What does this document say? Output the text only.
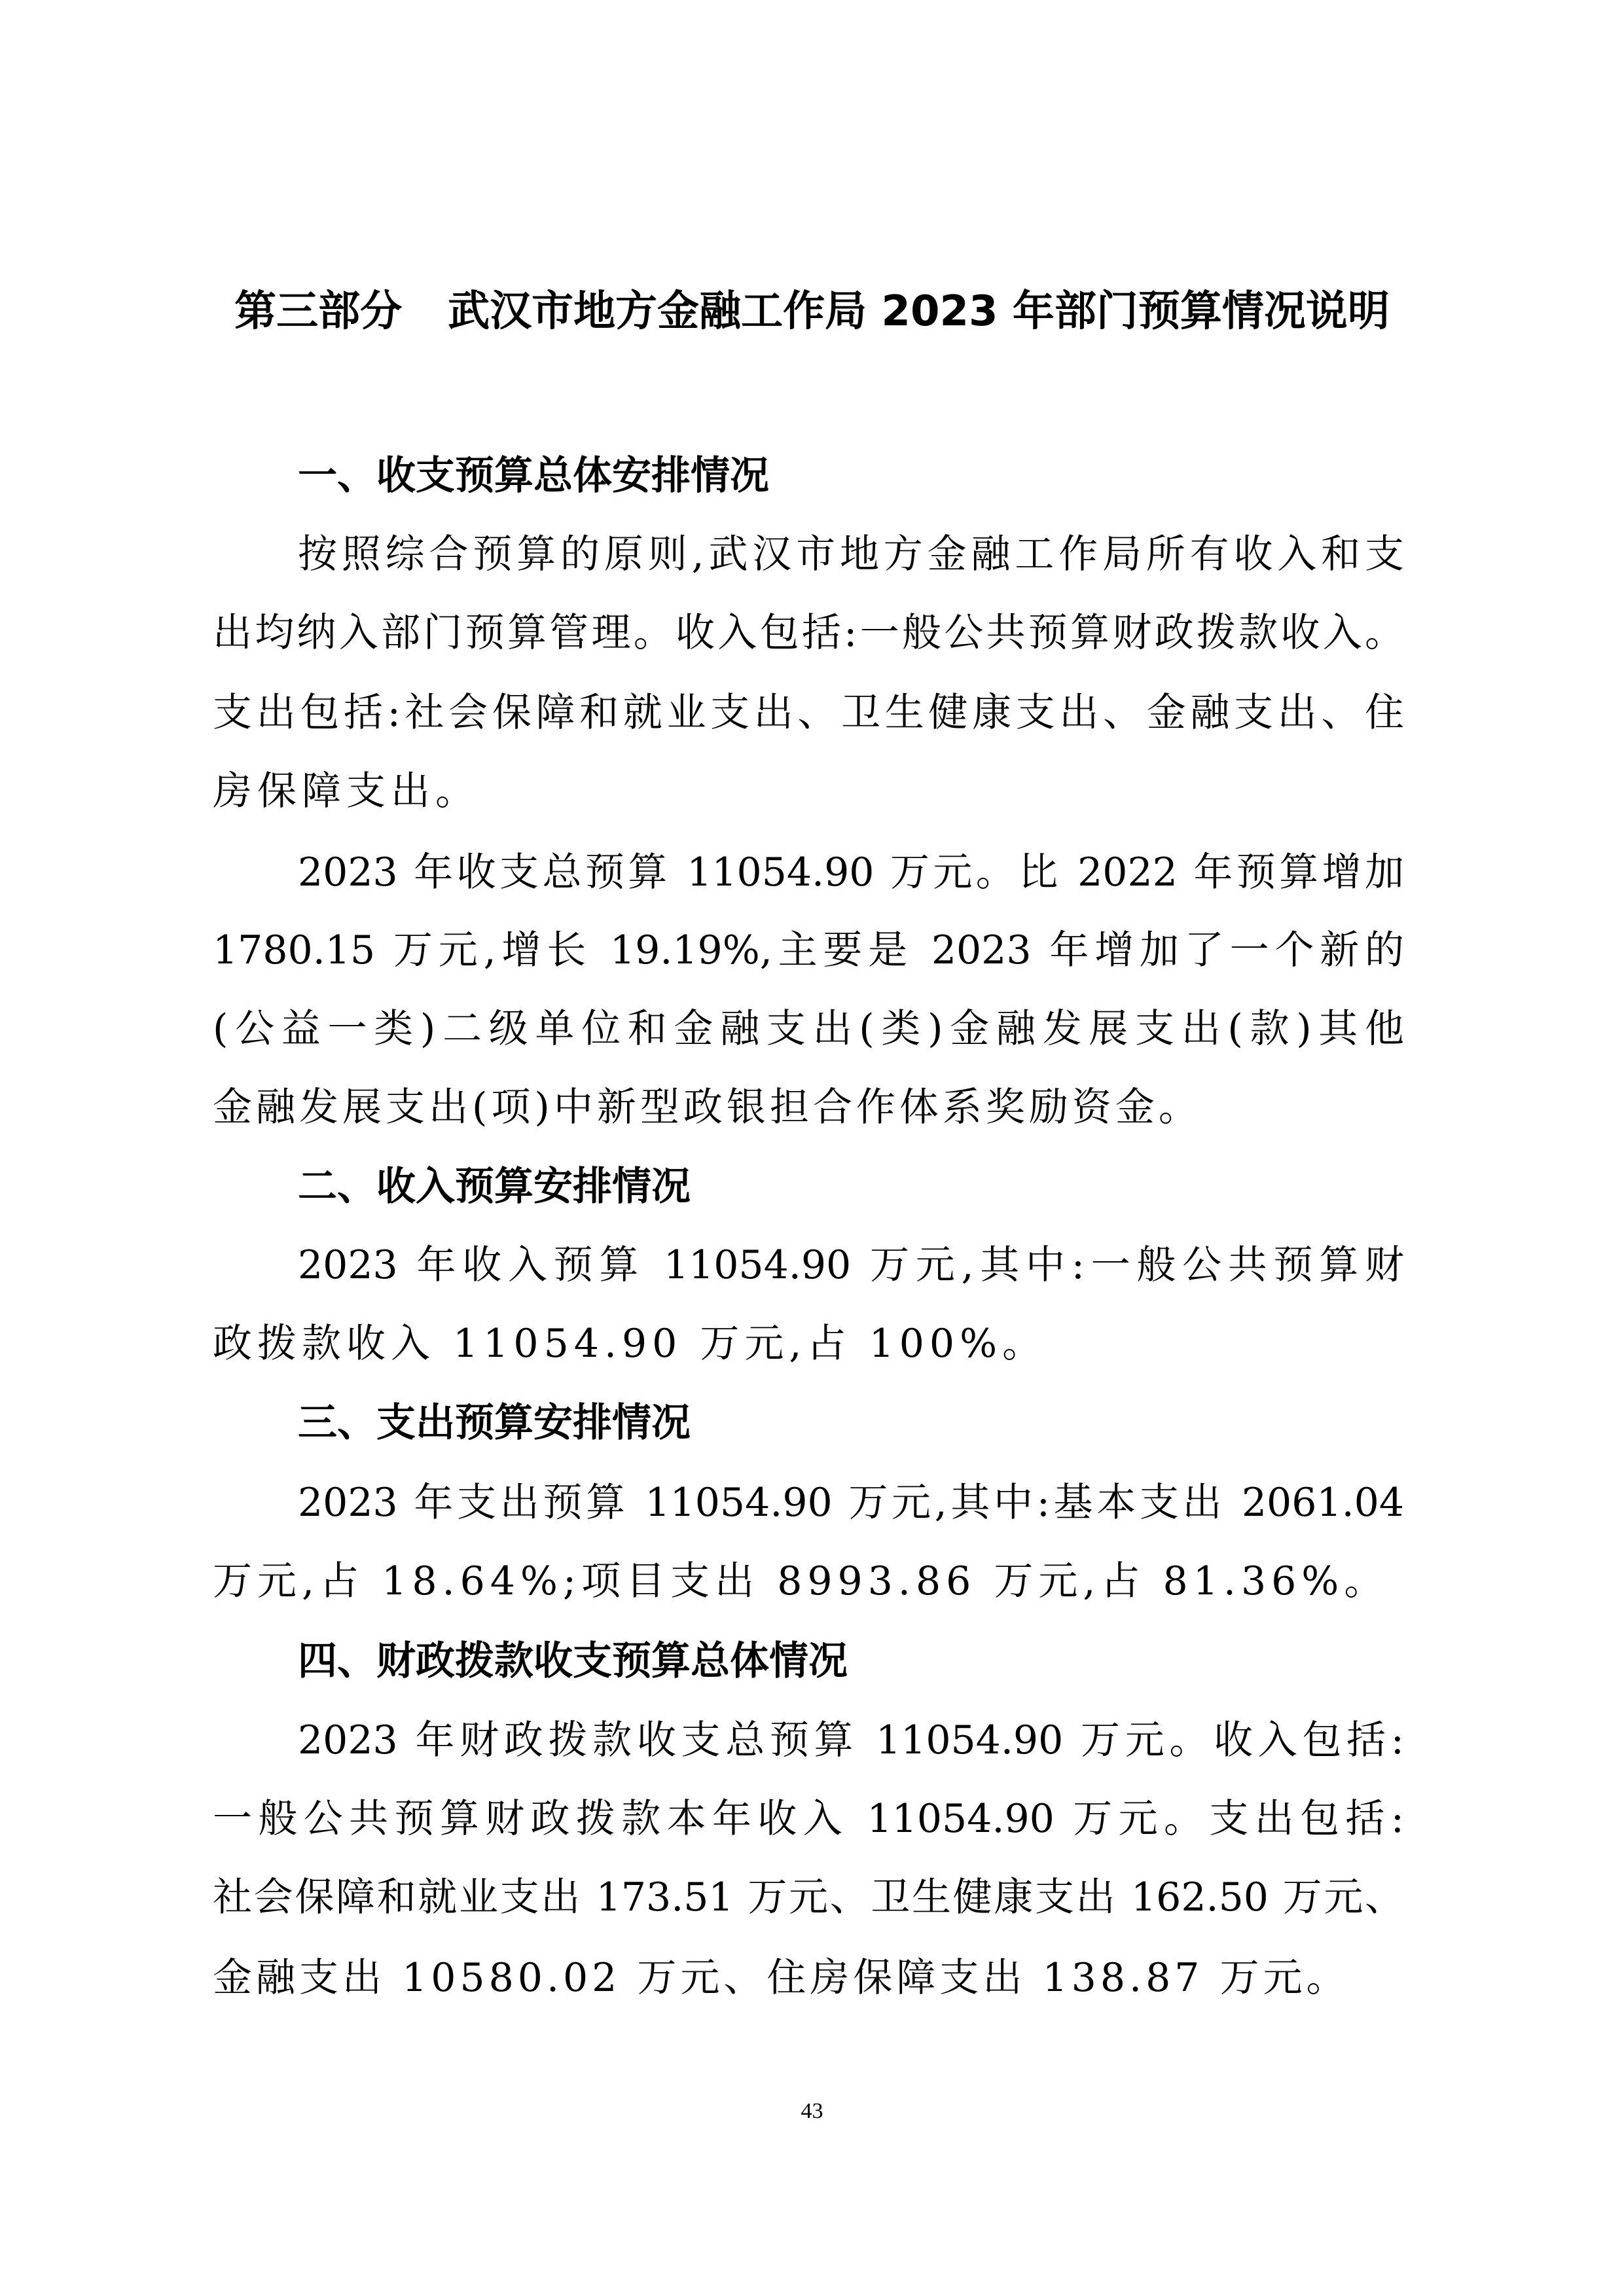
第三部分 武汉市地方金融工作局 2023 年部门预算情况说明
一、收支预算总体安排情况
按照综合预算的原则,武汉市地方金融工作局所有收入和支
出均纳入部门预算管理。收入包括:一般公共预算财政拨款收入。
支出包括:社会保障和就业支出、卫生健康支出、金融支出、住
房保障支出。
2023 年收支总预算 11054.90 万元。比 2022 年预算增加
1780.15 万元,增长 19.19%,主要是 2023 年增加了一个新的
(公益一类)二级单位和金融支出(类)金融发展支出(款)其他
金融发展支出(项)中新型政银担合作体系奖励资金。
二、收入预算安排情况
2023 年收入预算 11054.90 万元,其中:一般公共预算财
政拨款收入 11054.90 万元,占 100%。
三、支出预算安排情况
2023 年支出预算 11054.90 万元,其中:基本支出 2061.04
万元,占 18.64%;项目支出 8993.86 万元,占 81.36%。
四、财政拨款收支预算总体情况
2023 年财政拨款收支总预算 11054.90 万元。收入包括:
一般公共预算财政拨款本年收入 11054.90 万元。支出包括:
社会保障和就业支出 173.51 万元、卫生健康支出 162.50 万元、
金融支出 10580.02 万元、住房保障支出 138.87 万元。
43
